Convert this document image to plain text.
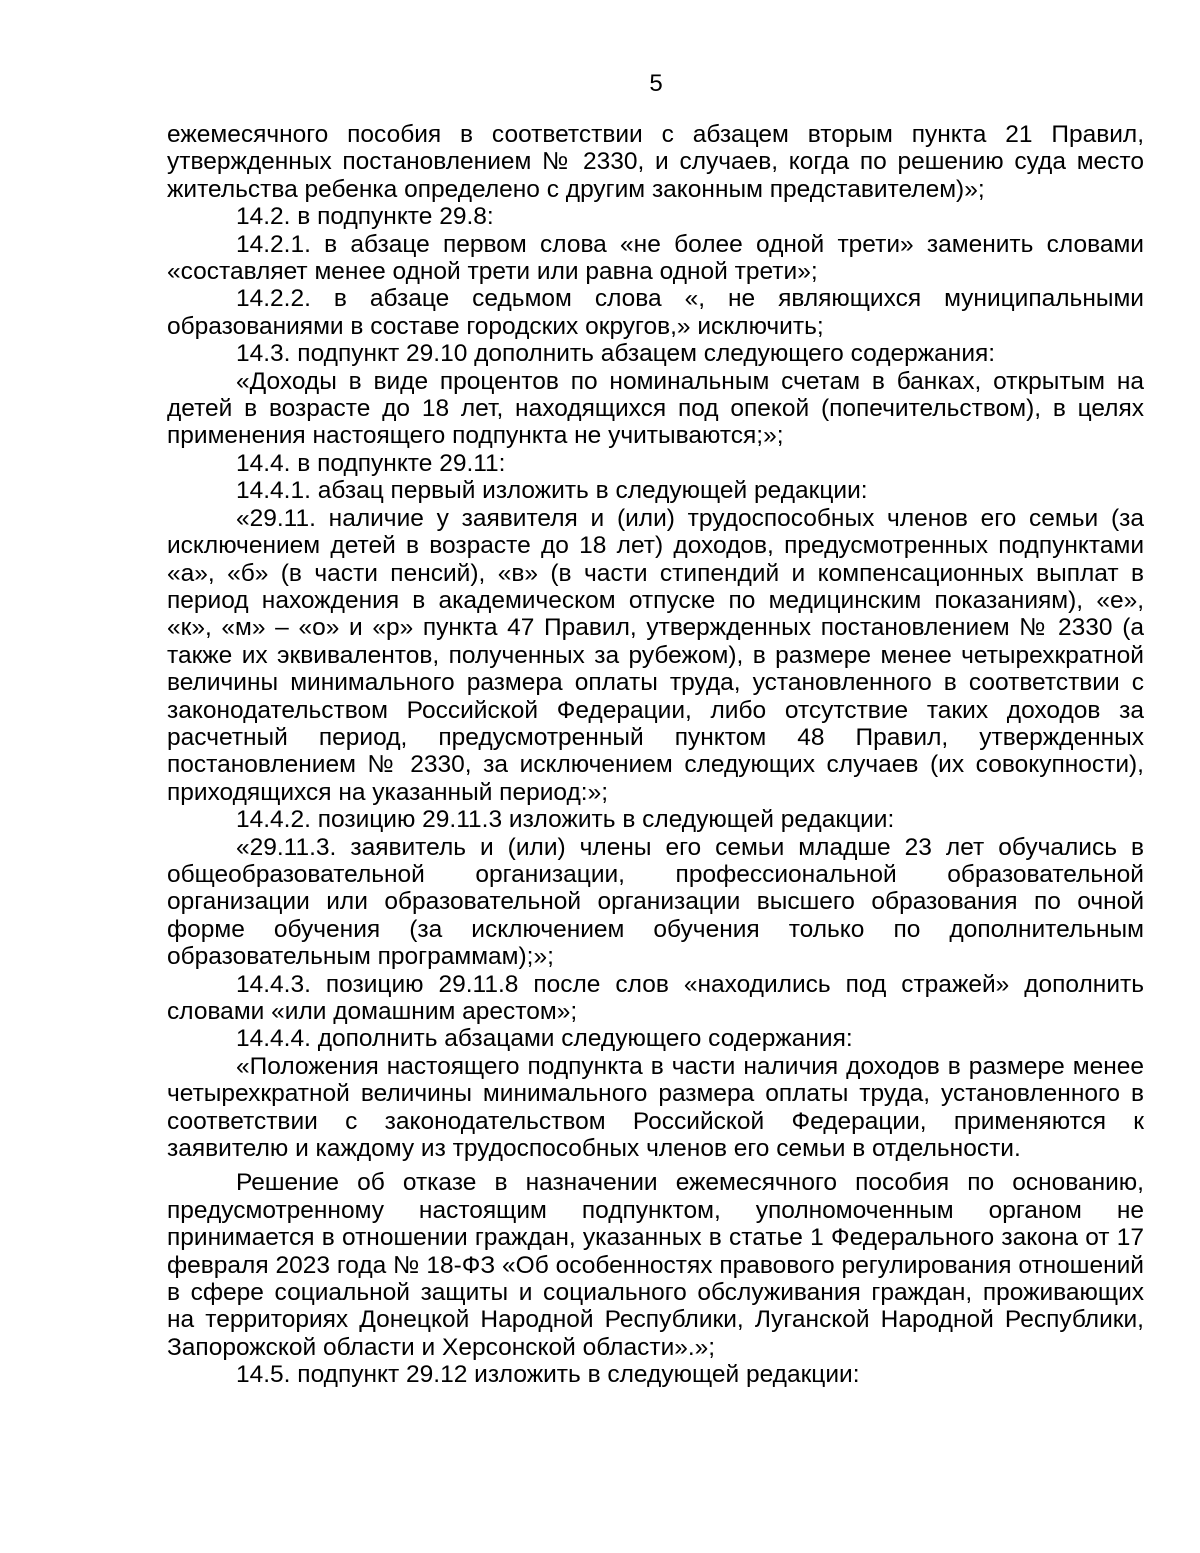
5

ежемесячного пособия в соответствии с абзацем вторым пункта 21 Правил, утвержденных постановлением № 2330, и случаев, когда по решению суда место жительства ребенка определено с другим законным представителем)»;

14.2. в подпункте 29.8:

14.2.1. в абзаце первом слова «не более одной трети» заменить словами «составляет менее одной трети или равна одной трети»;

14.2.2. в абзаце седьмом слова «, не являющихся муниципальными образованиями в составе городских округов,» исключить;

14.3. подпункт 29.10 дополнить абзацем следующего содержания:

«Доходы в виде процентов по номинальным счетам в банках, открытым на детей в возрасте до 18 лет, находящихся под опекой (попечительством), в целях применения настоящего подпункта не учитываются;»;

14.4. в подпункте 29.11:

14.4.1. абзац первый изложить в следующей редакции:

«29.11. наличие у заявителя и (или) трудоспособных членов его семьи (за исключением детей в возрасте до 18 лет) доходов, предусмотренных подпунктами «а», «б» (в части пенсий), «в» (в части стипендий и компенсационных выплат в период нахождения в академическом отпуске по медицинским показаниям), «е», «к», «м» – «о» и «р» пункта 47 Правил, утвержденных постановлением № 2330 (а также их эквивалентов, полученных за рубежом), в размере менее четырехкратной величины минимального размера оплаты труда, установленного в соответствии с законодательством Российской Федерации, либо отсутствие таких доходов за расчетный период, предусмотренный пунктом 48 Правил, утвержденных постановлением № 2330, за исключением следующих случаев (их совокупности), приходящихся на указанный период:»;

14.4.2. позицию 29.11.3 изложить в следующей редакции:

«29.11.3. заявитель и (или) члены его семьи младше 23 лет обучались в общеобразовательной организации, профессиональной образовательной организации или образовательной организации высшего образования по очной форме обучения (за исключением обучения только по дополнительным образовательным программам);»;

14.4.3. позицию 29.11.8 после слов «находились под стражей» дополнить словами «или домашним арестом»;

14.4.4. дополнить абзацами следующего содержания:

«Положения настоящего подпункта в части наличия доходов в размере менее четырехкратной величины минимального размера оплаты труда, установленного в соответствии с законодательством Российской Федерации, применяются к заявителю и каждому из трудоспособных членов его семьи в отдельности.

Решение об отказе в назначении ежемесячного пособия по основанию, предусмотренному настоящим подпунктом, уполномоченным органом не принимается в отношении граждан, указанных в статье 1 Федерального закона от 17 февраля 2023 года № 18-ФЗ «Об особенностях правового регулирования отношений в сфере социальной защиты и социального обслуживания граждан, проживающих на территориях Донецкой Народной Республики, Луганской Народной Республики, Запорожской области и Херсонской области».»;

14.5. подпункт 29.12 изложить в следующей редакции:
